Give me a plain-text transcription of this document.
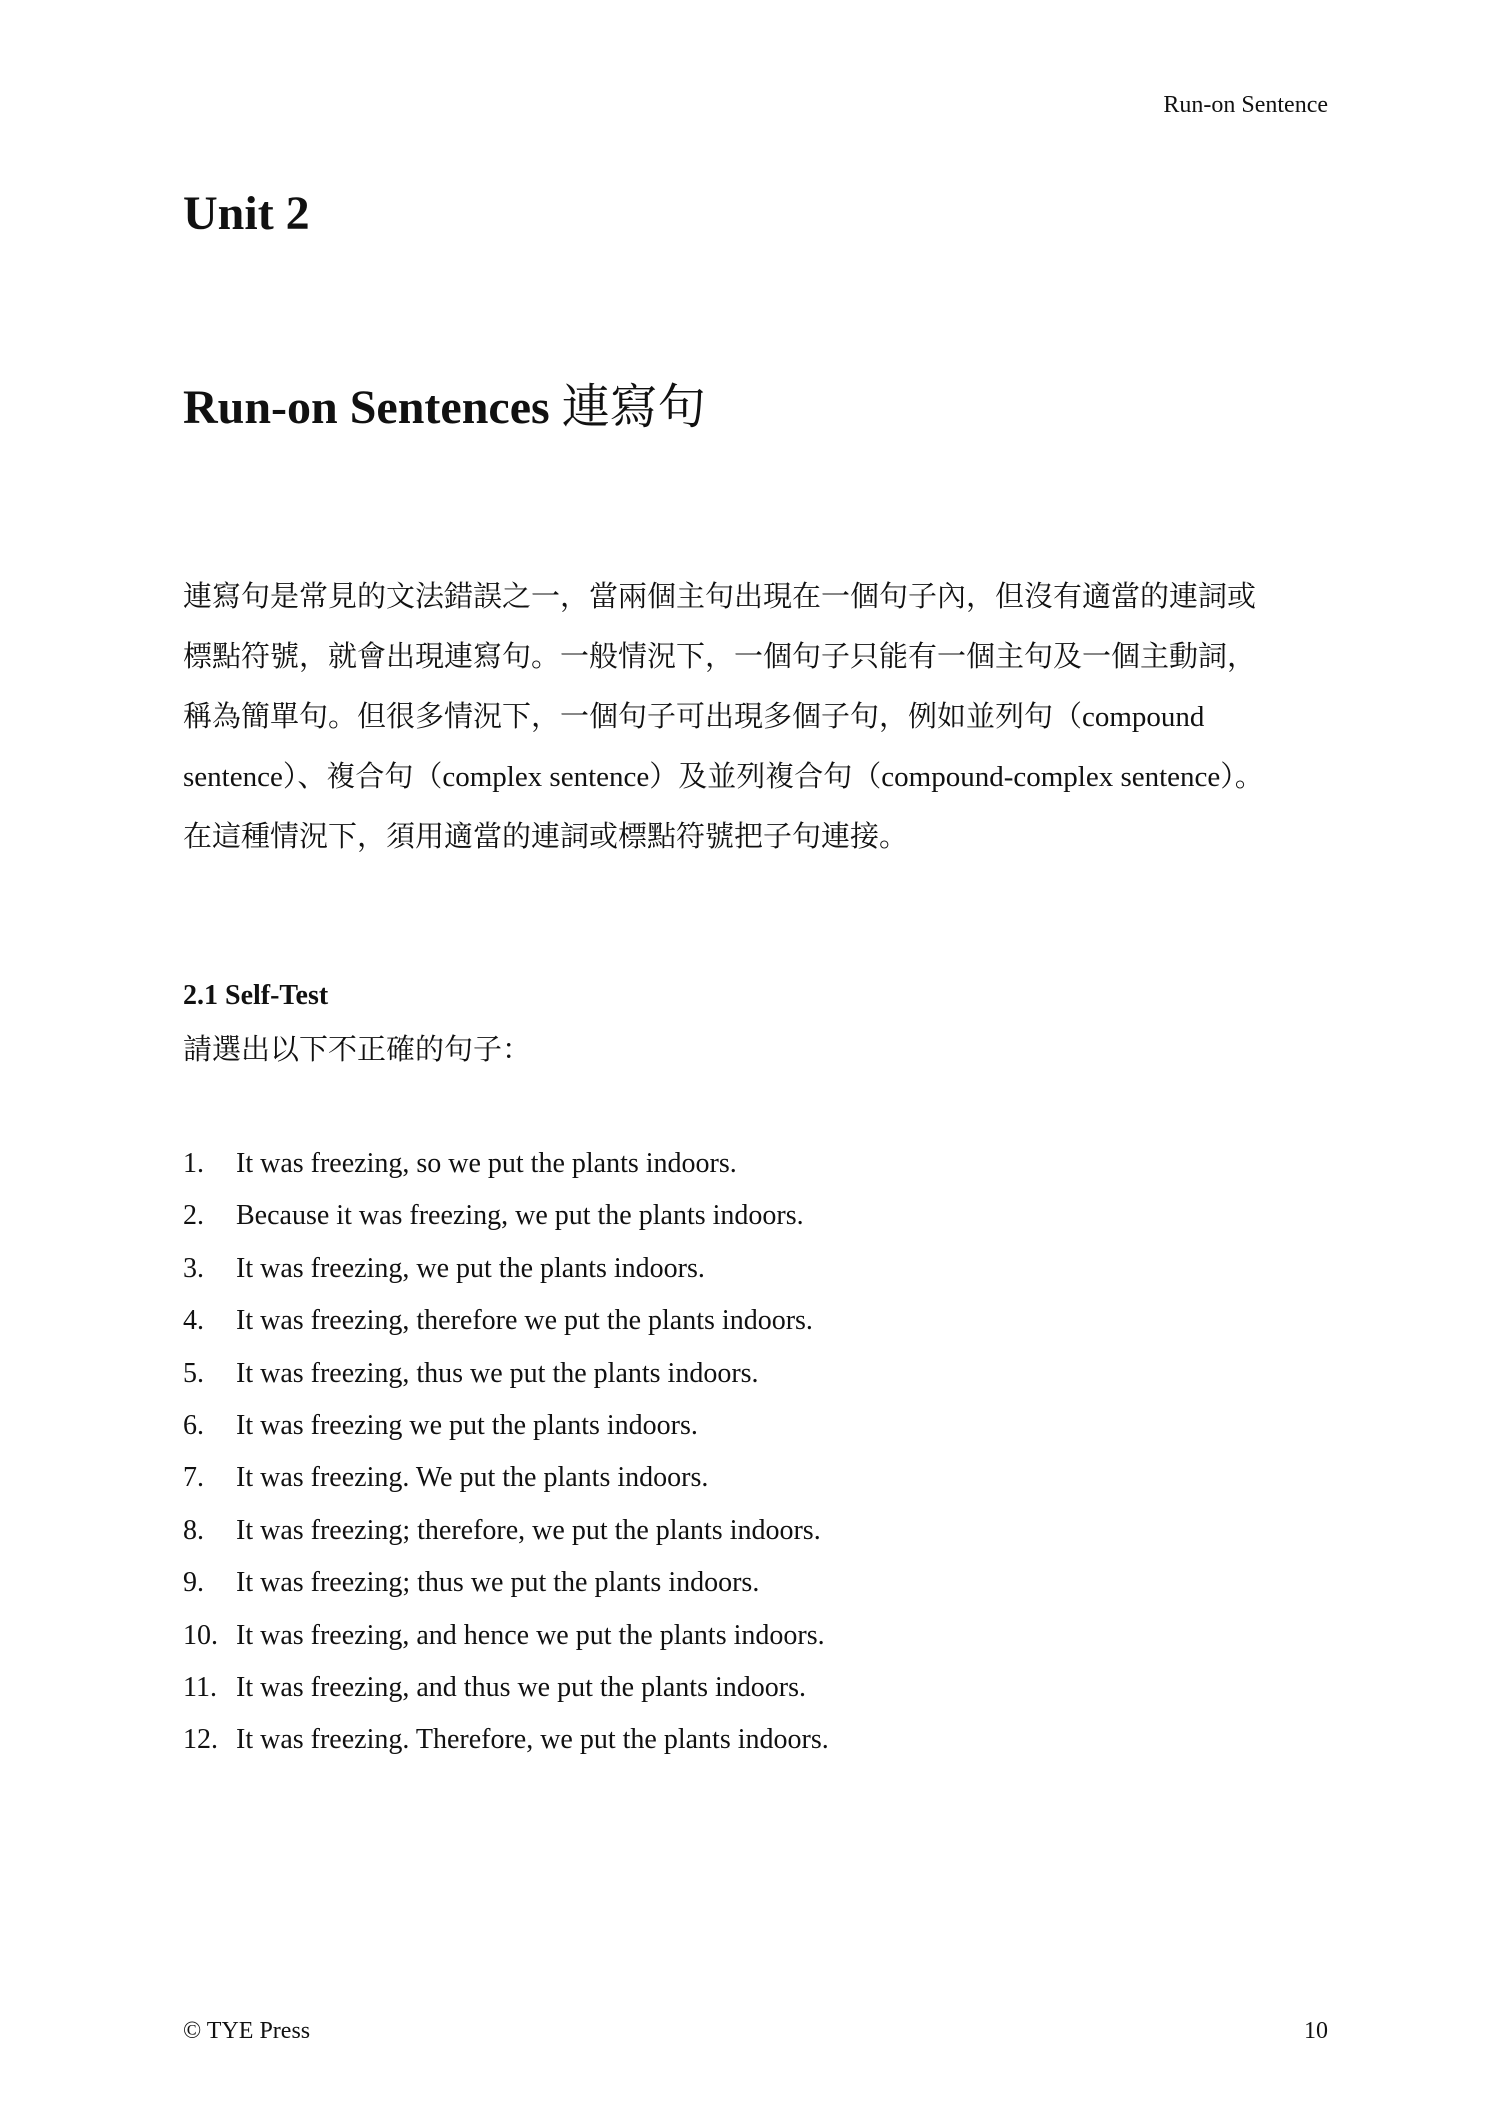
Run-on Sentence
Unit 2
Run-on Sentences 連寫句

連寫句是常見的文法錯誤之一，當兩個主句出現在一個句子內，但沒有適當的連詞或
標點符號，就會出現連寫句。一般情況下，一個句子只能有一個主句及一個主動詞，
稱為簡單句。但很多情況下，一個句子可出現多個子句，例如並列句（compound
sentence）、複合句（complex sentence）及並列複合句（compound-complex sentence）。
在這種情況下，須用適當的連詞或標點符號把子句連接。

2.1 Self-Test

請選出以下不正確的句子：

1. It was freezing, so we put the plants indoors.
2. Because it was freezing, we put the plants indoors.
3. It was freezing, we put the plants indoors.
4. It was freezing, therefore we put the plants indoors.
5. It was freezing, thus we put the plants indoors.
6. It was freezing we put the plants indoors.
7. It was freezing. We put the plants indoors.
8. It was freezing; therefore, we put the plants indoors.
9. It was freezing; thus we put the plants indoors.
10. It was freezing, and hence we put the plants indoors.
11. It was freezing, and thus we put the plants indoors.
12. It was freezing. Therefore, we put the plants indoors.
© TYE Press	10
